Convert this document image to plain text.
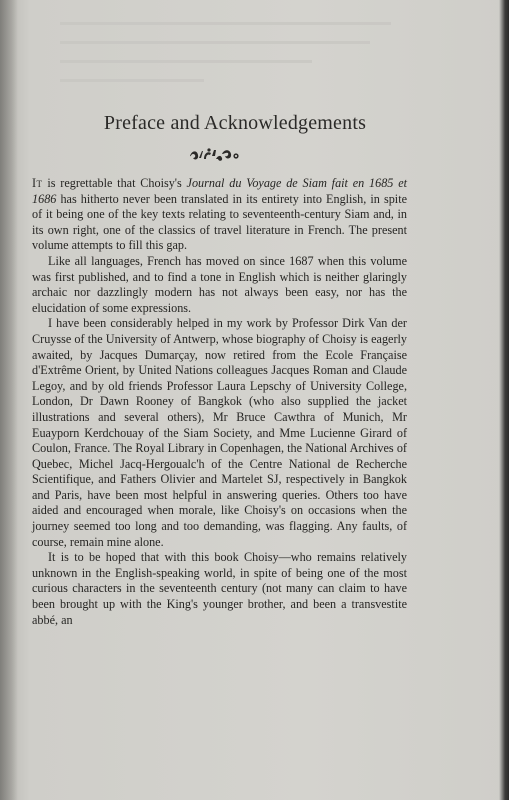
Preface and Acknowledgements

It is regrettable that Choisy's Journal du Voyage de Siam fait en 1685 et 1686 has hitherto never been translated in its entirety into English, in spite of it being one of the key texts relating to seventeenth-century Siam and, in its own right, one of the classics of travel literature in French. The present volume attempts to fill this gap.

Like all languages, French has moved on since 1687 when this volume was first published, and to find a tone in English which is neither glaringly archaic nor dazzlingly modern has not always been easy, nor has the elucidation of some expressions.

I have been considerably helped in my work by Professor Dirk Van der Cruysse of the University of Antwerp, whose biography of Choisy is eagerly awaited, by Jacques Dumarçay, now retired from the Ecole Française d'Extrême Orient, by United Nations colleagues Jacques Roman and Claude Legoy, and by old friends Professor Laura Lepschy of University College, London, Dr Dawn Rooney of Bangkok (who also supplied the jacket illustrations and several others), Mr Bruce Cawthra of Munich, Mr Euayporn Kerdchouay of the Siam Society, and Mme Lucienne Girard of Coulon, France. The Royal Library in Copenhagen, the National Archives of Quebec, Michel Jacq-Hergoualc'h of the Centre National de Recherche Scientifique, and Fathers Olivier and Martelet SJ, respectively in Bangkok and Paris, have been most helpful in answering queries. Others too have aided and encouraged when morale, like Choisy's on occasions when the journey seemed too long and too demanding, was flagging. Any faults, of course, remain mine alone.

It is to be hoped that with this book Choisy—who remains relatively unknown in the English-speaking world, in spite of being one of the most curious characters in the seventeenth century (not many can claim to have been brought up with the King's younger brother, and been a transvestite abbé, an
